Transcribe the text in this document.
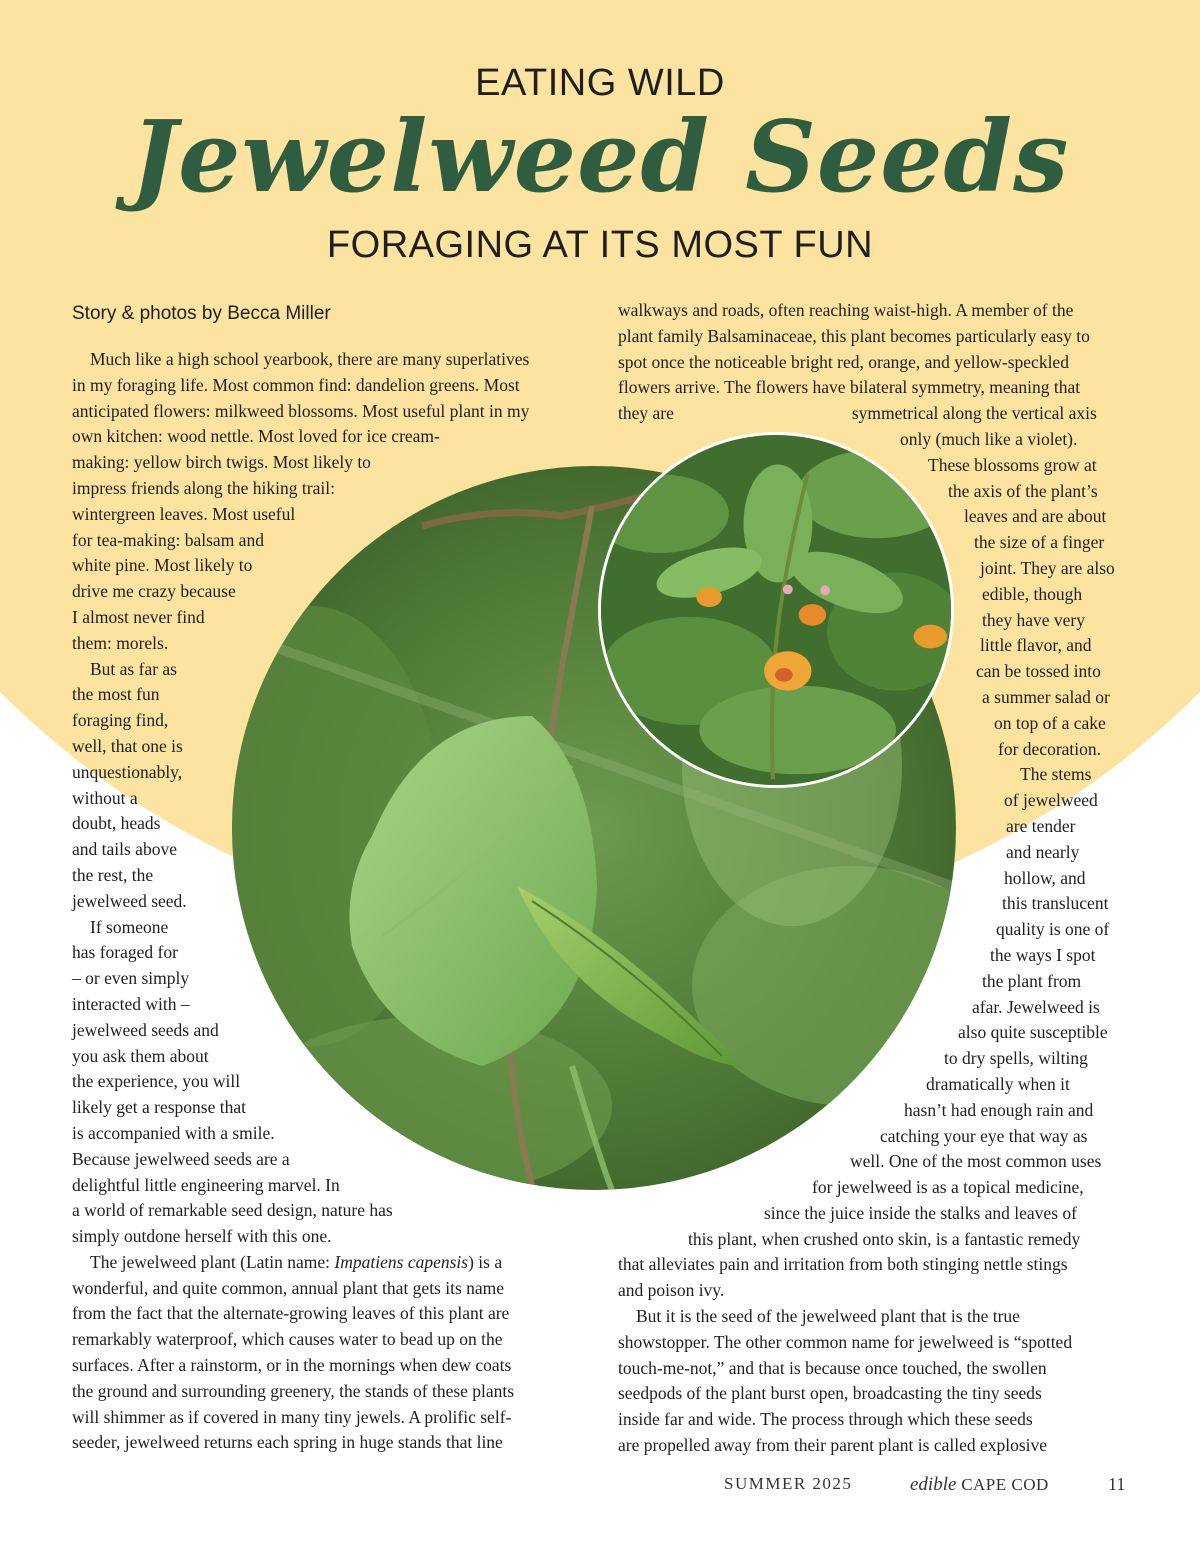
EATING WILD
Jewelweed Seeds
FORAGING AT ITS MOST FUN
Story & photos by Becca Miller
Much like a high school yearbook, there are many superlatives
in my foraging life. Most common find: dandelion greens. Most
anticipated flowers: milkweed blossoms. Most useful plant in my
own kitchen: wood nettle. Most loved for ice cream-
making: yellow birch twigs. Most likely to
impress friends along the hiking trail:
wintergreen leaves. Most useful
for tea-making: balsam and
white pine. Most likely to
drive me crazy because
I almost never find
them: morels.
But as far as
the most fun
foraging find,
well, that one is
unquestionably,
without a
doubt, heads
and tails above
the rest, the
jewelweed seed.
If someone
has foraged for
– or even simply
interacted with –
jewelweed seeds and
you ask them about
the experience, you will
likely get a response that
is accompanied with a smile.
Because jewelweed seeds are a
delightful little engineering marvel. In
a world of remarkable seed design, nature has
simply outdone herself with this one.
The jewelweed plant (Latin name: Impatiens capensis) is a
wonderful, and quite common, annual plant that gets its name
from the fact that the alternate-growing leaves of this plant are
remarkably waterproof, which causes water to bead up on the
surfaces. After a rainstorm, or in the mornings when dew coats
the ground and surrounding greenery, the stands of these plants
will shimmer as if covered in many tiny jewels. A prolific self-
seeder, jewelweed returns each spring in huge stands that line
walkways and roads, often reaching waist-high. A member of the
plant family Balsaminaceae, this plant becomes particularly easy to
spot once the noticeable bright red, orange, and yellow-speckled
flowers arrive. The flowers have bilateral symmetry, meaning that
they are	symmetrical along the vertical axis
only (much like a violet).
These blossoms grow at
the axis of the plant’s
leaves and are about
the size of a finger
joint. They are also
edible, though
they have very
little flavor, and
can be tossed into
a summer salad or
on top of a cake
for decoration.
The stems
of jewelweed
are tender
and nearly
hollow, and
this translucent
quality is one of
the ways I spot
the plant from
afar. Jewelweed is
also quite susceptible
to dry spells, wilting
dramatically when it
hasn’t had enough rain and
catching your eye that way as
well. One of the most common uses
for jewelweed is as a topical medicine,
since the juice inside the stalks and leaves of
this plant, when crushed onto skin, is a fantastic remedy
that alleviates pain and irritation from both stinging nettle stings
and poison ivy.
But it is the seed of the jewelweed plant that is the true
showstopper. The other common name for jewelweed is “spotted
touch-me-not,” and that is because once touched, the swollen
seedpods of the plant burst open, broadcasting the tiny seeds
inside far and wide. The process through which these seeds
are propelled away from their parent plant is called explosive
SUMMER 2025	edible CAPE COD	11
